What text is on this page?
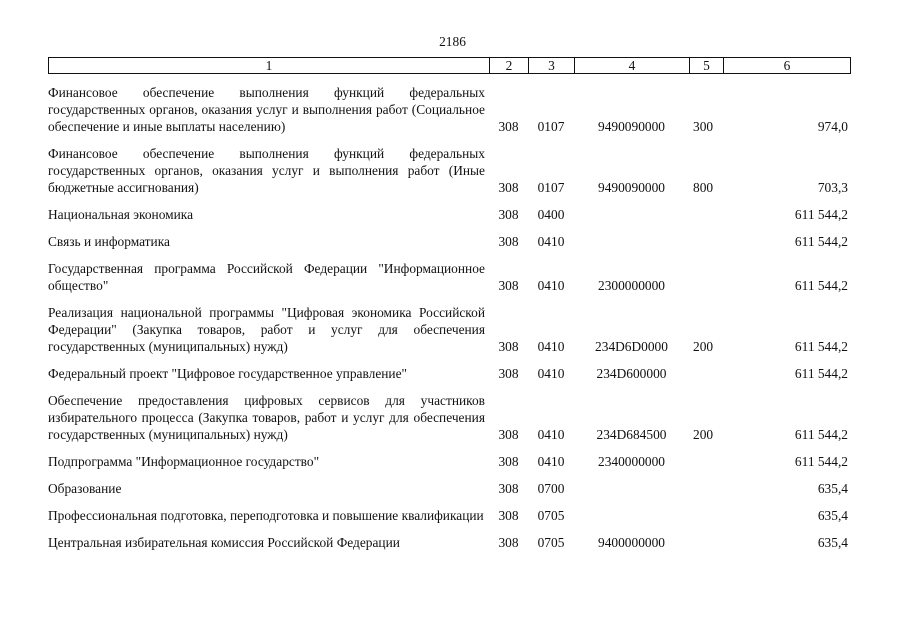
2186
1	2	3	4	5	6
Финансовое обеспечение выполнения функций федеральных государственных органов, оказания услуг и выполнения работ (Социальное обеспечение и иные выплаты населению)	308	0107	9490090000	300	974,0

Финансовое обеспечение выполнения функций федеральных государственных органов, оказания услуг и выполнения работ (Иные бюджетные ассигнования)	308	0107	9490090000	800	703,3

Национальная экономика	308	0400			611 544,2

Связь и информатика	308	0410			611 544,2

Государственная программа Российской Федерации "Информационное общество"	308	0410	2300000000		611 544,2

Реализация национальной программы "Цифровая экономика Российской Федерации" (Закупка товаров, работ и услуг для обеспечения государственных (муниципальных) нужд)	308	0410	234D6D0000	200	611 544,2

Федеральный проект "Цифровое государственное управление"	308	0410	234D600000		611 544,2

Обеспечение предоставления цифровых сервисов для участников избирательного процесса (Закупка товаров, работ и услуг для обеспечения государственных (муниципальных) нужд)	308	0410	234D684500	200	611 544,2

Подпрограмма "Информационное государство"	308	0410	2340000000		611 544,2

Образование	308	0700			635,4

Профессиональная подготовка, переподготовка и повышение квалификации	308	0705			635,4

Центральная избирательная комиссия Российской Федерации	308	0705	9400000000		635,4
